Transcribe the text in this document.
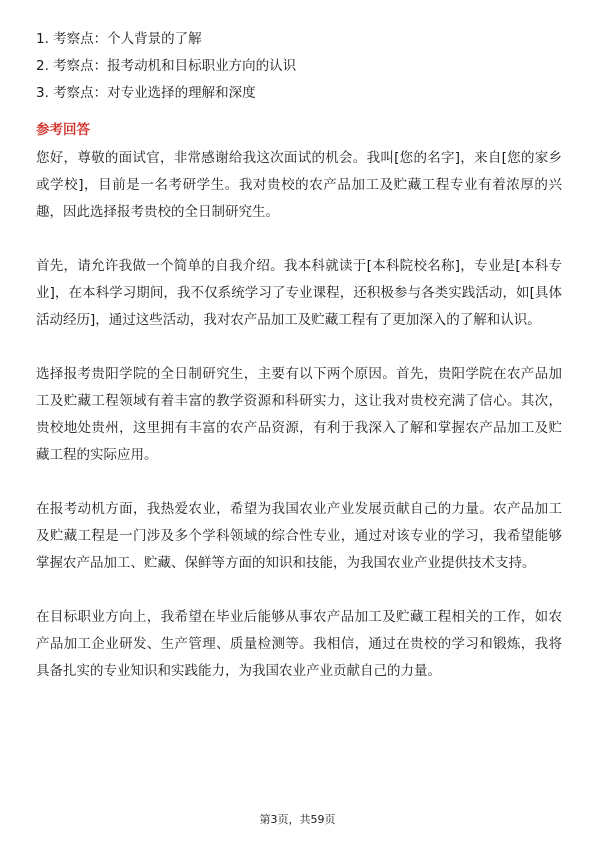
1. 考察点：个人背景的了解
2. 考察点：报考动机和目标职业方向的认识
3. 考察点：对专业选择的理解和深度
参考回答

您好，尊敬的面试官，非常感谢给我这次面试的机会。我叫[您的名字]，来自[您的家乡或学校]，目前是一名考研学生。我对贵校的农产品加工及贮藏工程专业有着浓厚的兴趣，因此选择报考贵校的全日制研究生。

首先，请允许我做一个简单的自我介绍。我本科就读于[本科院校名称]，专业是[本科专业]，在本科学习期间，我不仅系统学习了专业课程，还积极参与各类实践活动，如[具体活动经历]，通过这些活动，我对农产品加工及贮藏工程有了更加深入的了解和认识。

选择报考贵阳学院的全日制研究生，主要有以下两个原因。首先，贵阳学院在农产品加工及贮藏工程领域有着丰富的教学资源和科研实力，这让我对贵校充满了信心。其次，贵校地处贵州，这里拥有丰富的农产品资源，有利于我深入了解和掌握农产品加工及贮藏工程的实际应用。

在报考动机方面，我热爱农业，希望为我国农业产业发展贡献自己的力量。农产品加工及贮藏工程是一门涉及多个学科领域的综合性专业，通过对该专业的学习，我希望能够掌握农产品加工、贮藏、保鲜等方面的知识和技能，为我国农业产业提供技术支持。

在目标职业方向上，我希望在毕业后能够从事农产品加工及贮藏工程相关的工作，如农产品加工企业研发、生产管理、质量检测等。我相信，通过在贵校的学习和锻炼，我将具备扎实的专业知识和实践能力，为我国农业产业贡献自己的力量。

第3页，共59页
